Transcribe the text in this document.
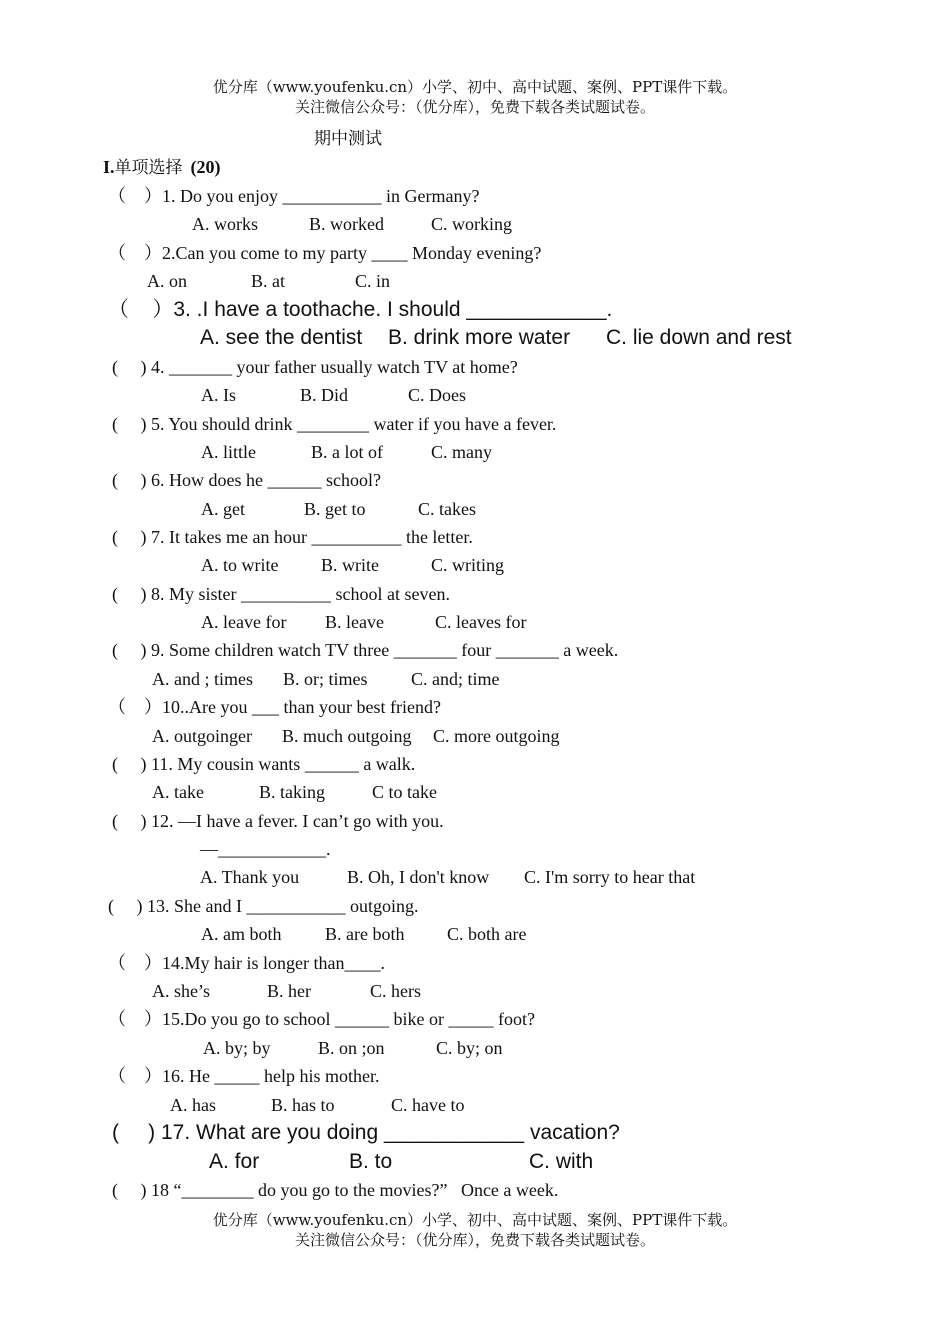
优分库（www.youfenku.cn）小学、初中、高中试题、案例、PPT课件下载。
关注微信公众号：（优分库），免费下载各类试题试卷。
期中测试
I.单项选择 (20)
（    ）1. Do you enjoy ___________ in Germany?
A. works	B. worked	C. working
（    ）2.Can you come to my party ____ Monday evening?
A. on	B. at	C. in
（    ）3. .I have a toothache. I should ____________.
A. see the dentist B. drink more water C. lie down and rest
(     ) 4. _______ your father usually watch TV at home?
A. Is	B. Did	C. Does
(     ) 5. You should drink ________ water if you have a fever.
A. little	B. a lot of	C. many
(     ) 6. How does he ______ school?
A. get	B. get to	C. takes
(     ) 7. It takes me an hour __________ the letter.
A. to write B. write	C. writing
(     ) 8. My sister __________ school at seven.
A. leave for B. leave	C. leaves for
(     ) 9. Some children watch TV three _______ four _______ a week.
A. and ; times B. or; times C. and; time
（    ）10..Are you ___ than your best friend?
A. outgoinger B. much outgoing C. more outgoing
(     ) 11. My cousin wants ______ a walk.
A. take	B. taking	C to take
(     ) 12. —I have a fever. I can’t go with you.
—____________.
A. Thank you	B. Oh, I don't know C. I'm sorry to hear that
(     ) 13. She and I ___________ outgoing.
A. am both B. are both C. both are
（    ）14.My hair is longer than____.
A. she’s	B. her	C. hers
（    ）15.Do you go to school ______ bike or _____ foot?
A. by; by	B. on ;on	C. by; on
（    ）16. He _____ help his mother.
A. has	B. has to	C. have to
(     ) 17. What are you doing ____________ vacation?
A. for	B. to	C. with
(     ) 18 “________ do you go to the movies?”   Once a week.
优分库（www.youfenku.cn）小学、初中、高中试题、案例、PPT课件下载。
关注微信公众号：（优分库），免费下载各类试题试卷。
